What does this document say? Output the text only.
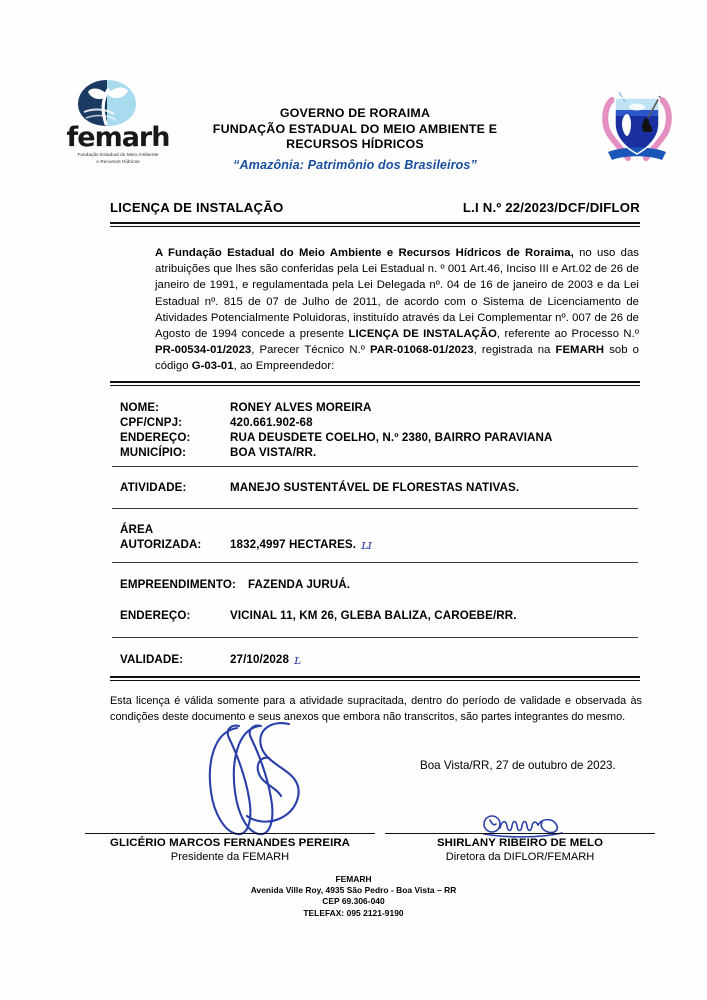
femarh
Fundação Estadual do Meio Ambiente
e Recursos Hídricos
GOVERNO DE RORAIMA
FUNDAÇÃO ESTADUAL DO MEIO AMBIENTE E
RECURSOS HÍDRICOS
“Amazônia: Patrimônio dos Brasileiros”
LICENÇA DE INSTALAÇÃO	L.I N.º 22/2023/DCF/DIFLOR
A Fundação Estadual do Meio Ambiente e Recursos Hídricos de Roraima, no uso das atribuições que lhes são conferidas pela Lei Estadual n. º 001 Art.46, Inciso III e Art.02 de 26 de janeiro de 1991, e regulamentada pela Lei Delegada nº. 04 de 16 de janeiro de 2003 e da Lei Estadual nº. 815 de 07 de Julho de 2011, de acordo com o Sistema de Licenciamento de Atividades Potencialmente Poluidoras, instituído através da Lei Complementar nº. 007 de 26 de Agosto de 1994 concede a presente LICENÇA DE INSTALAÇÃO, referente ao Processo N.º PR-00534-01/2023, Parecer Técnico N.º PAR-01068-01/2023, registrada na FEMARH sob o código G-03-01, ao Empreendedor:
NOME:	RONEY ALVES MOREIRA
CPF/CNPJ:	420.661.902-68
ENDEREÇO:	RUA DEUSDETE COELHO, N.º 2380, BAIRRO PARAVIANA
MUNICÍPIO:	BOA VISTA/RR.
ATIVIDADE:	MANEJO SUSTENTÁVEL DE FLORESTAS NATIVAS.
ÁREA
AUTORIZADA:	1832,4997 HECTARES. ʟɪ
EMPREENDIMENTO:	FAZENDA JURUÁ.
ENDEREÇO:	VICINAL 11, KM 26, GLEBA BALIZA, CAROEBE/RR.
VALIDADE:	27/10/2028 ʟ
Esta licença é válida somente para a atividade supracitada, dentro do período de validade e observada às condições deste documento e seus anexos que embora não transcritos, são partes integrantes do mesmo.
Boa Vista/RR, 27 de outubro de 2023.
GLICÉRIO MARCOS FERNANDES PEREIRA
Presidente da FEMARH
SHIRLANY RIBEIRO DE MELO
Diretora da DIFLOR/FEMARH
FEMARH
Avenida Ville Roy, 4935 São Pedro - Boa Vista – RR
CEP 69.306-040
TELEFAX: 095 2121-9190
